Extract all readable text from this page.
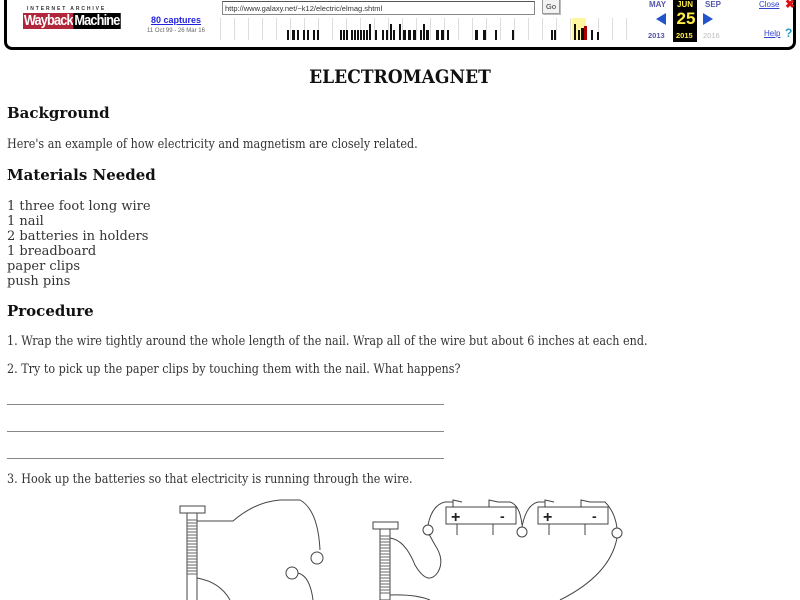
INTERNET ARCHIVE
Wayback Machine	80 captures
11 Oct 99 - 26 Mar 16
http://www.galaxy.net/~k12/electric/elmag.shtml	Go	MAY JUN SEP
25
2013 2015 2016
Close ✖
Help ?
ELECTROMAGNET
Background

Here's an example of how electricity and magnetism are closely related.

Materials Needed
1 three foot long wire
1 nail
2 batteries in holders
1 breadboard
paper clips
push pins
Procedure

1. Wrap the wire tightly around the whole length of the nail. Wrap all of the wire but about 6 inches at each end.

2. Try to pick up the paper clips by touching them with the nail. What happens?

3. Hook up the batteries so that electricity is running through the wire.

+	- +	-
